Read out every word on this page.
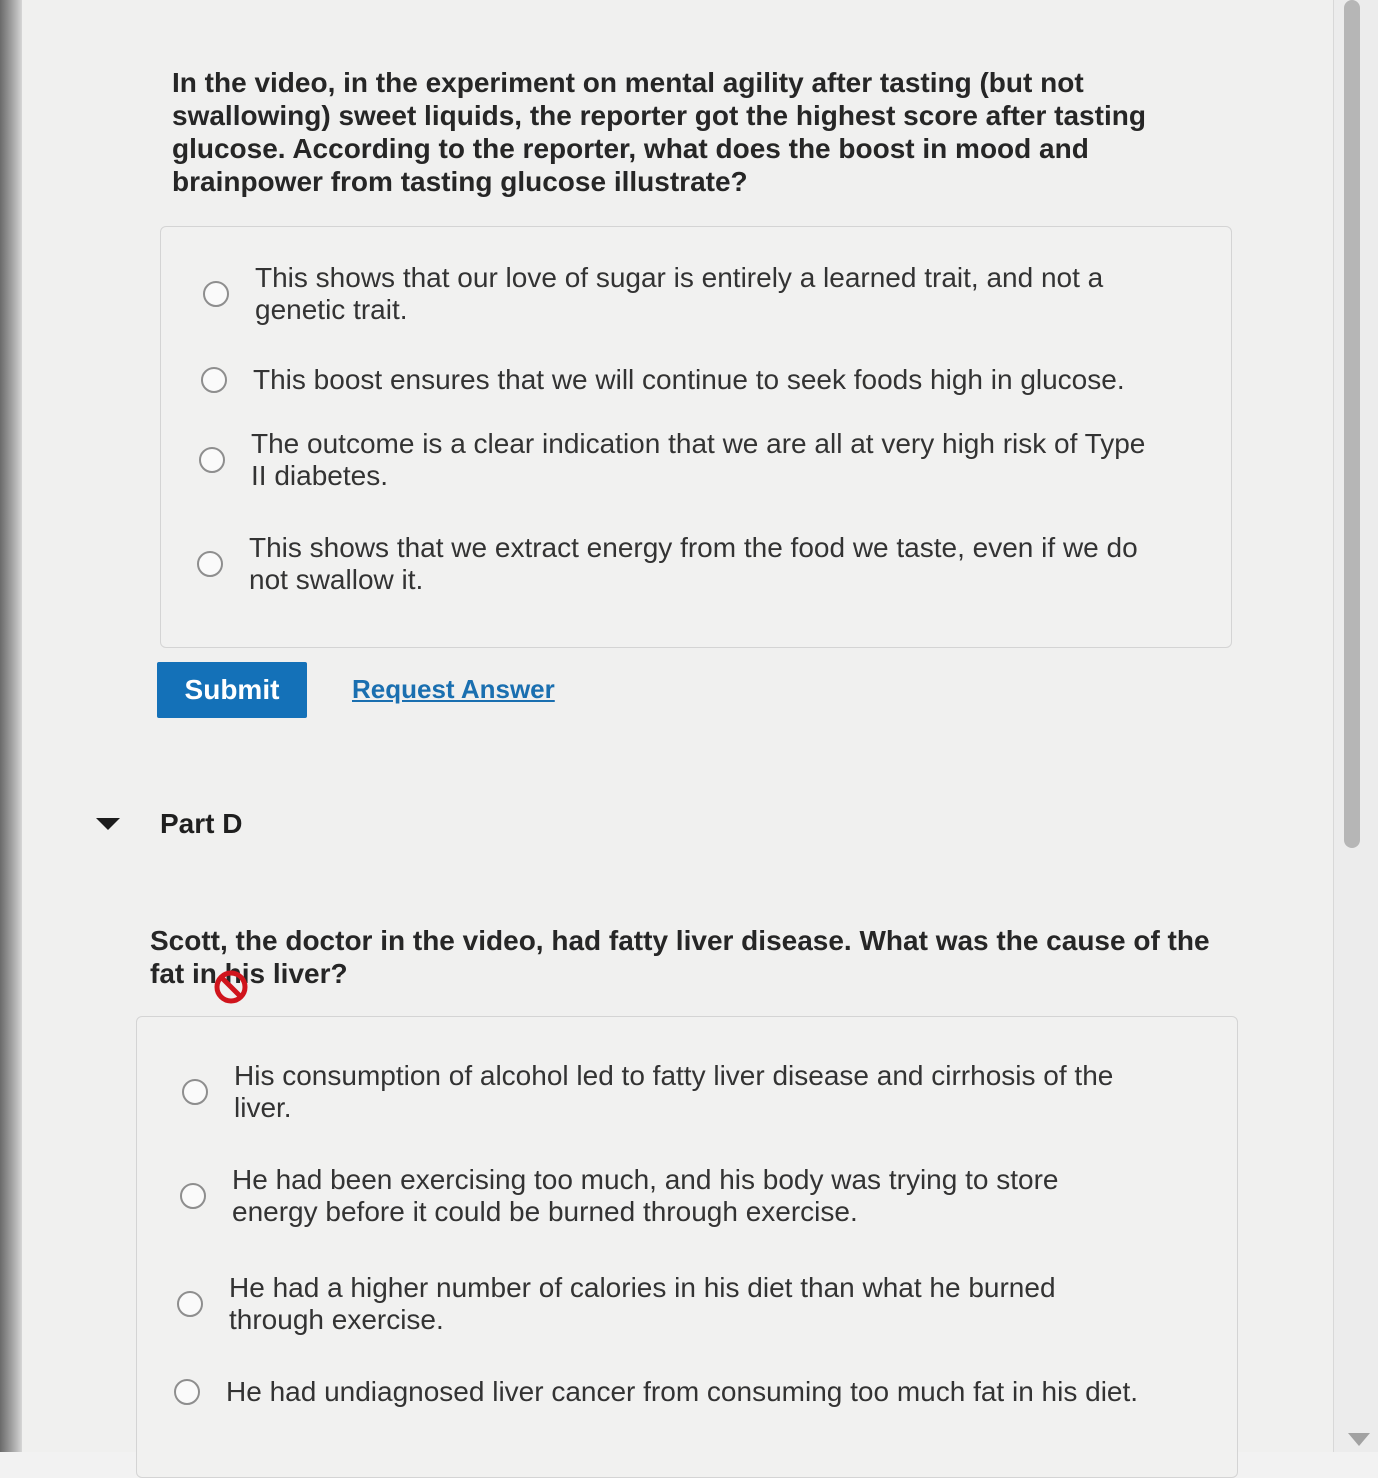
In the video, in the experiment on mental agility after tasting (but not swallowing) sweet liquids, the reporter got the highest score after tasting glucose. According to the reporter, what does the boost in mood and brainpower from tasting glucose illustrate?
This shows that our love of sugar is entirely a learned trait, and not a genetic trait.
This boost ensures that we will continue to seek foods high in glucose.
The outcome is a clear indication that we are all at very high risk of Type II diabetes.
This shows that we extract energy from the food we taste, even if we do not swallow it.
Submit	Request Answer
Part D
Scott, the doctor in the video, had fatty liver disease. What was the cause of the fat in his liver?
His consumption of alcohol led to fatty liver disease and cirrhosis of the liver.
He had been exercising too much, and his body was trying to store energy before it could be burned through exercise.
He had a higher number of calories in his diet than what he burned through exercise.
He had undiagnosed liver cancer from consuming too much fat in his diet.
